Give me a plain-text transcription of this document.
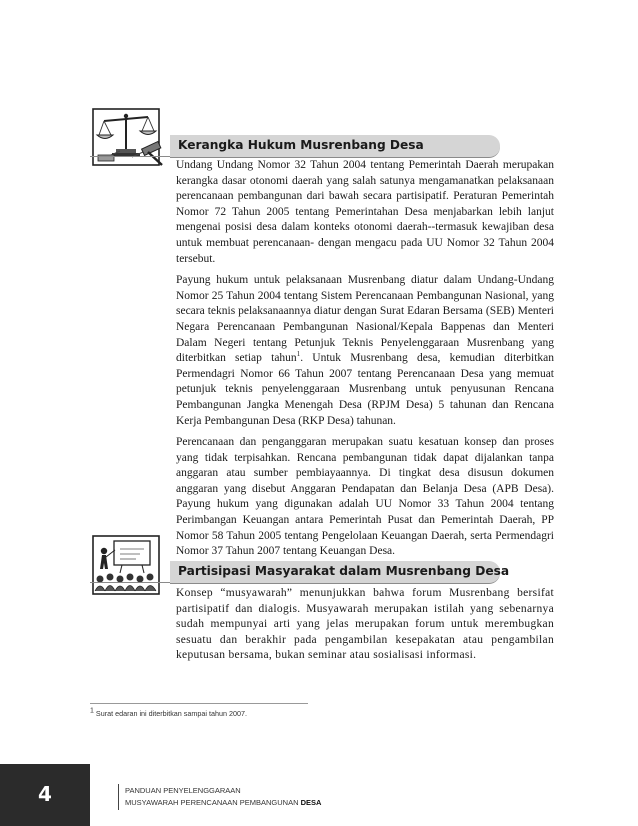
Kerangka Hukum Musrenbang Desa

Undang Undang Nomor 32 Tahun 2004 tentang Pemerintah Daerah merupakan kerangka dasar otonomi daerah yang salah satunya mengamanatkan pelaksanaan perencanaan pembangunan dari bawah secara partisipatif. Peraturan Pemerintah Nomor 72 Tahun 2005 tentang Pemerintahan Desa menjabarkan lebih lanjut mengenai posisi desa dalam konteks otonomi daerah--termasuk kewajiban desa untuk membuat perencanaan- dengan mengacu pada UU Nomor 32 Tahun 2004 tersebut.

Payung hukum untuk pelaksanaan Musrenbang diatur dalam Undang-Undang Nomor 25 Tahun 2004 tentang Sistem Perencanaan Pembangunan Nasional, yang secara teknis pelaksanaannya diatur dengan Surat Edaran Bersama (SEB) Menteri Negara Perencanaan Pembangunan Nasional/Kepala Bappenas dan Menteri Dalam Negeri tentang Petunjuk Teknis Penyelenggaraan Musrenbang yang diterbitkan setiap tahun$^1$. Untuk Musrenbang desa, kemudian diterbitkan Permendagri Nomor 66 Tahun 2007 tentang Perencanaan Desa yang memuat petunjuk teknis penyelenggaraan Musrenbang untuk penyusunan Rencana Pembangunan Jangka Menengah Desa (RPJM Desa) 5 tahunan dan Rencana Kerja Pembangunan Desa (RKP Desa) tahunan.

Perencanaan dan penganggaran merupakan suatu kesatuan konsep dan proses yang tidak terpisahkan. Rencana pembangunan tidak dapat dijalankan tanpa anggaran atau sumber pembiayaannya. Di tingkat desa disusun dokumen anggaran yang disebut Anggaran Pendapatan dan Belanja Desa (APB Desa). Payung hukum yang digunakan adalah UU Nomor 33 Tahun 2004 tentang Perimbangan Keuangan antara Pemerintah Pusat dan Pemerintah Daerah, PP Nomor 58 Tahun 2005 tentang Pengelolaan Keuangan Daerah, serta Permendagri Nomor 37 Tahun 2007 tentang Keuangan Desa.

Partisipasi Masyarakat dalam Musrenbang Desa

Konsep “musyawarah” menunjukkan bahwa forum Musrenbang bersifat partisipatif dan dialogis. Musyawarah merupakan istilah yang sebenarnya sudah mempunyai arti yang jelas merupakan forum untuk merembugkan sesuatu dan berakhir pada pengambilan kesepakatan atau pengambilan keputusan bersama, bukan seminar atau sosialisasi informasi.

$^1$ Surat edaran ini diterbitkan sampai tahun 2007.
4	PANDUAN PENYELENGGARAAN
MUSYAWARAH PERENCANAAN PEMBANGUNAN DESA
